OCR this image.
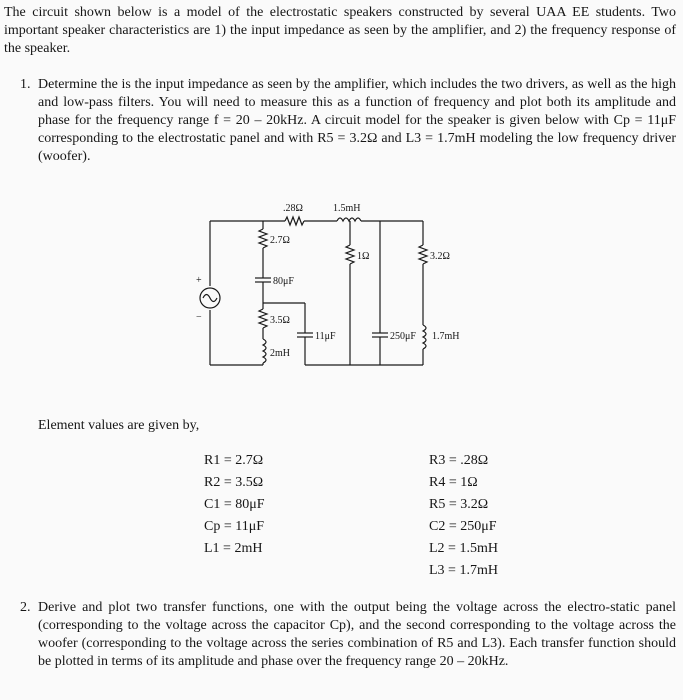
The circuit shown below is a model of the electrostatic speakers constructed by several UAA EE students. Two important speaker characteristics are 1) the input impedance as seen by the amplifier, and 2) the frequency response of the speaker.
1. Determine the is the input impedance as seen by the amplifier, which includes the two drivers, as well as the high and low-pass filters. You will need to measure this as a function of frequency and plot both its amplitude and phase for the frequency range f = 20 – 20kHz. A circuit model for the speaker is given below with Cp = 11μF corresponding to the electrostatic panel and with R5 = 3.2Ω and L3 = 1.7mH modeling the low frequency driver (woofer).
.28Ω	1.5mH
2.7Ω
1Ω	3.2Ω
80μF
3.5Ω
11μF	250μF 1.7mH
2mH
+
−
Element values are given by,
R1 = 2.7Ω
R2 = 3.5Ω
C1 = 80μF
Cp = 11μF
L1 = 2mH
R3 = .28Ω
R4 = 1Ω
R5 = 3.2Ω
C2 = 250μF
L2 = 1.5mH
L3 = 1.7mH
2. Derive and plot two transfer functions, one with the output being the voltage across the electro-static panel (corresponding to the voltage across the capacitor Cp), and the second corresponding to the voltage across the woofer (corresponding to the voltage across the series combination of R5 and L3). Each transfer function should be plotted in terms of its amplitude and phase over the frequency range 20 – 20kHz.
